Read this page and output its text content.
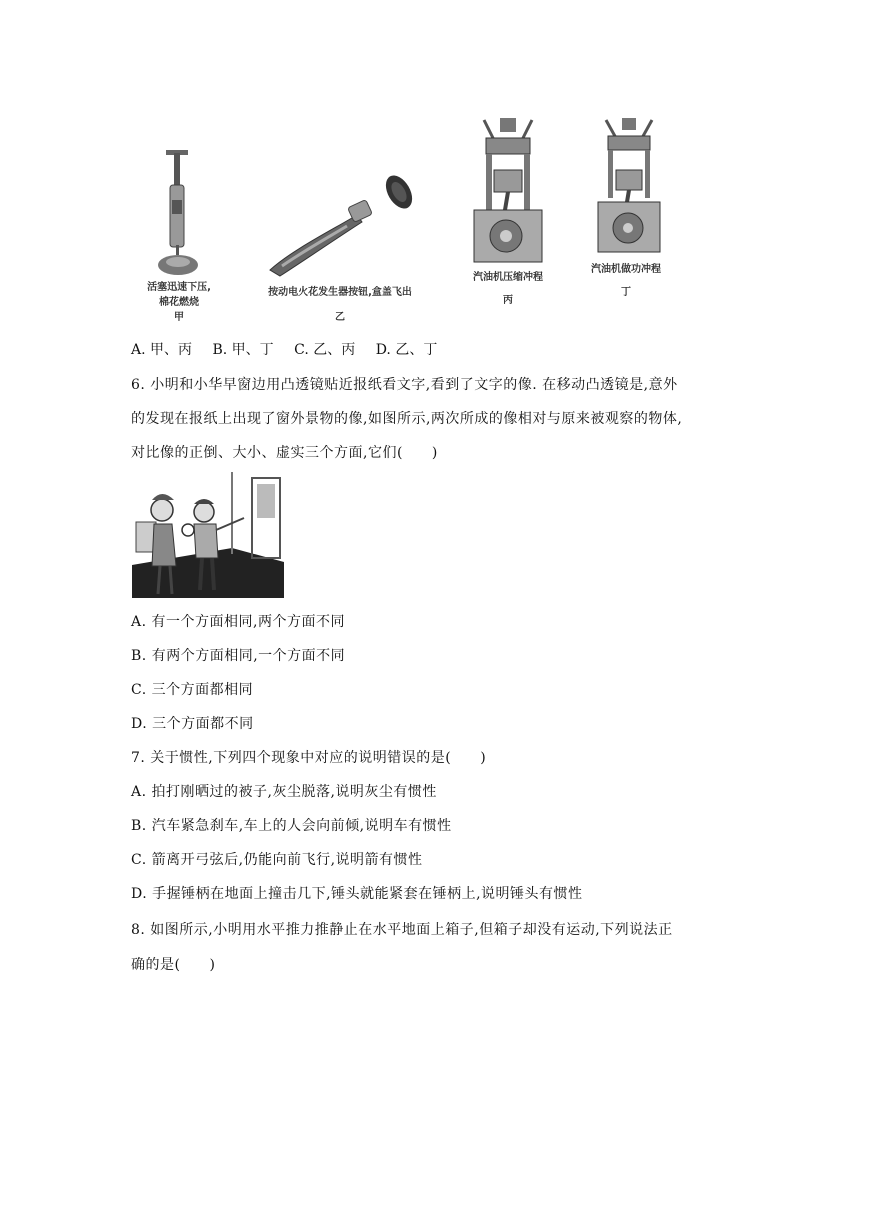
活塞迅速下压,
棉花燃烧
甲
按动电火花发生器按钮,盒盖飞出
乙
汽油机压缩冲程
丙
汽油机做功冲程
丁
A. 甲、丙 B. 甲、丁 C. 乙、丙 D. 乙、丁
6. 小明和小华早窗边用凸透镜贴近报纸看文字,看到了文字的像. 在移动凸透镜是,意外
的发现在报纸上出现了窗外景物的像,如图所示,两次所成的像相对与原来被观察的物体,
对比像的正倒、大小、虚实三个方面,它们(　　)
A. 有一个方面相同,两个方面不同
B. 有两个方面相同,一个方面不同
C. 三个方面都相同
D. 三个方面都不同
7. 关于惯性,下列四个现象中对应的说明错误的是(　　)
A. 拍打刚晒过的被子,灰尘脱落,说明灰尘有惯性
B. 汽车紧急刹车,车上的人会向前倾,说明车有惯性
C. 箭离开弓弦后,仍能向前飞行,说明箭有惯性
D. 手握锤柄在地面上撞击几下,锤头就能紧套在锤柄上,说明锤头有惯性
8. 如图所示,小明用水平推力推静止在水平地面上箱子,但箱子却没有运动,下列说法正
确的是(　　)
